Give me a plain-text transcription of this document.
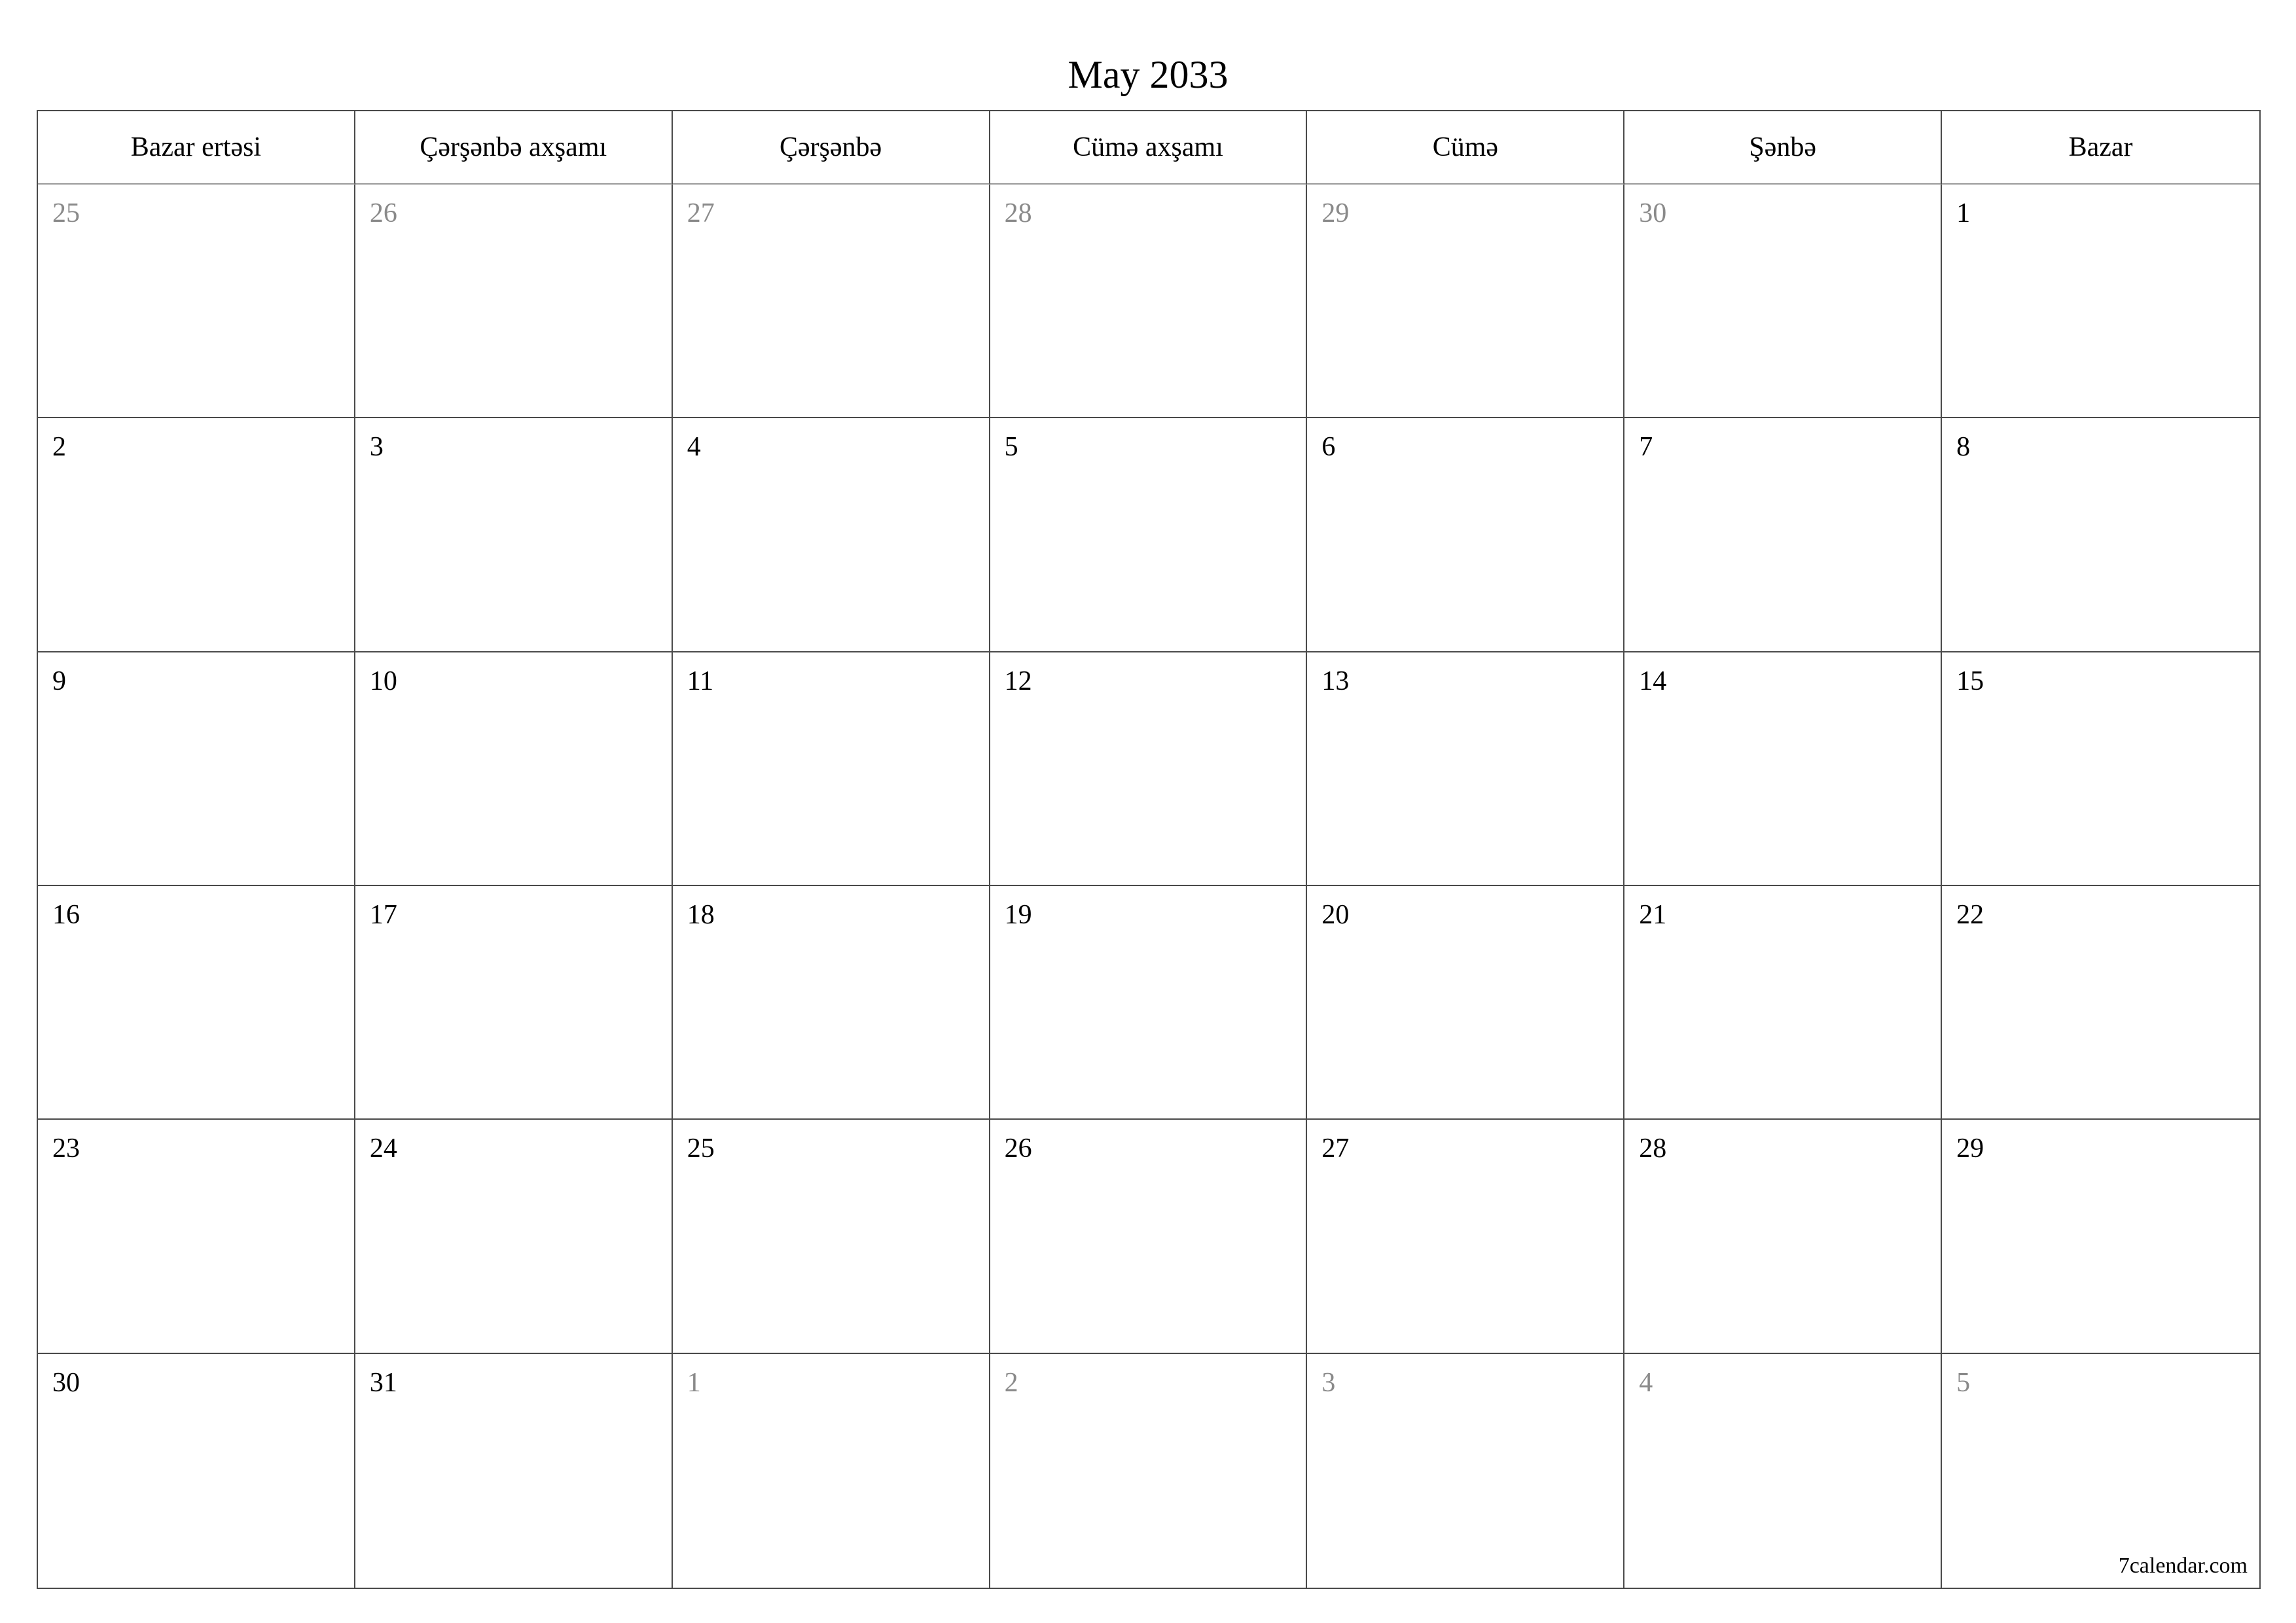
May 2033
Bazar ertəsi	Çərşənbə axşamı	Çərşənbə	Cümə axşamı	Cümə	Şənbə	Bazar
25	26	27	28	29	30	1
2	3	4	5	6	7	8
9	10	11	12	13	14	15
16	17	18	19	20	21	22
23	24	25	26	27	28	29
30	31	1	2	3	4	5
7calendar.com
